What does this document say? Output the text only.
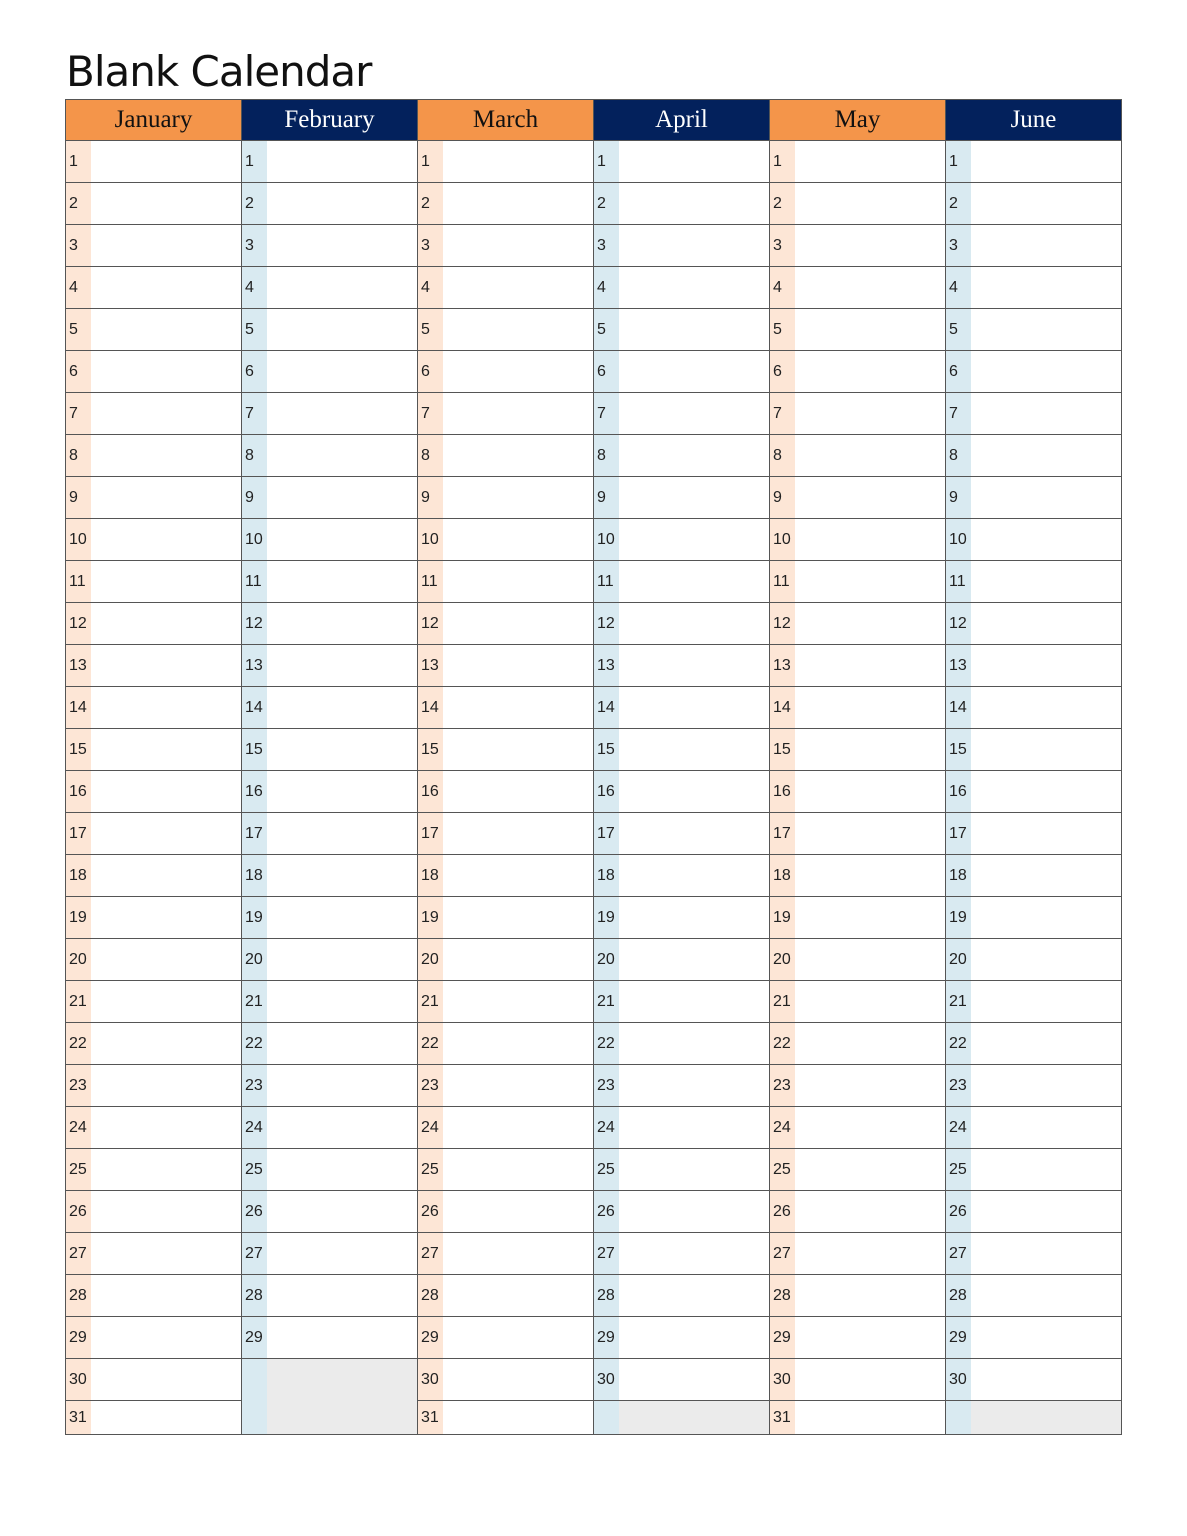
Blank Calendar
January
1
2
3
4
5
6
7
8
9
10
11
12
13
14
15
16
17
18
19
20
21
22
23
24
25
26
27
28
29
30
31
February
1
2
3
4
5
6
7
8
9
10
11
12
13
14
15
16
17
18
19
20
21
22
23
24
25
26
27
28
29
March
1
2
3
4
5
6
7
8
9
10
11
12
13
14
15
16
17
18
19
20
21
22
23
24
25
26
27
28
29
30
31
April
1
2
3
4
5
6
7
8
9
10
11
12
13
14
15
16
17
18
19
20
21
22
23
24
25
26
27
28
29
30
May
1
2
3
4
5
6
7
8
9
10
11
12
13
14
15
16
17
18
19
20
21
22
23
24
25
26
27
28
29
30
31
June
1
2
3
4
5
6
7
8
9
10
11
12
13
14
15
16
17
18
19
20
21
22
23
24
25
26
27
28
29
30
